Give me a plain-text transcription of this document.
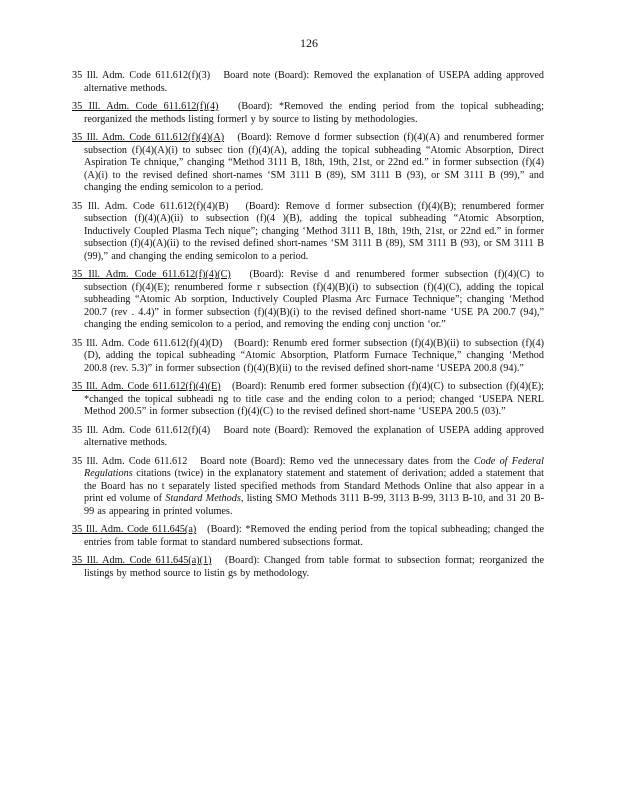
126
35 Ill. Adm. Code 611.612(f)(3) Board note (Board): Removed the explanation of USEPA adding approved alternative methods.
35 Ill. Adm. Code 611.612(f)(4) (Board): *Removed the ending period from the topical subheading; reorganized the methods listing formerl y by source to listing by methodologies.
35 Ill. Adm. Code 611.612(f)(4)(A) (Board): Remove d former subsection (f)(4)(A) and renumbered former subsection (f)(4)(A)(i) to subsec tion (f)(4)(A), adding the topical subheading “Atomic Absorption, Direct Aspiration Te chnique,” changing “Method 3111 B, 18th, 19th, 21st, or 22nd ed.” in former subsection (f)(4)(A)(i) to the revised defined short-names ‘SM 3111 B (89), SM 3111 B (93), or SM 3111 B (99),” and changing the ending semicolon to a period.
35 Ill. Adm. Code 611.612(f)(4)(B) (Board): Remove d former subsection (f)(4)(B); renumbered former subsection (f)(4)(A)(ii) to subsection (f)(4 )(B), adding the topical subheading “Atomic Absorption, Inductively Coupled Plasma Tech nique”; changing ‘Method 3111 B, 18th, 19th, 21st, or 22nd ed.” in former subsection (f)(4)(A)(ii) to the revised defined short-names ‘SM 3111 B (89), SM 3111 B (93), or SM 3111 B (99),” and changing the ending semicolon to a period.
35 Ill. Adm. Code 611.612(f)(4)(C) (Board): Revise d and renumbered former subsection (f)(4)(C) to subsection (f)(4)(E); renumbered forme r subsection (f)(4)(B)(i) to subsection (f)(4)(C), adding the topical subheading “Atomic Ab sorption, Inductively Coupled Plasma Arc Furnace Technique”; changing ‘Method 200.7 (rev . 4.4)” in former subsection (f)(4)(B)(i) to the revised defined short-name ‘USE PA 200.7 (94),” changing the ending semicolon to a period, and removing the ending conj unction ‘or.”
35 Ill. Adm. Code 611.612(f)(4)(D) (Board): Renumb ered former subsection (f)(4)(B)(ii) to subsection (f)(4)(D), adding the topical subheading “Atomic Absorption, Platform Furnace Technique,” changing ‘Method 200.8 (rev. 5.3)” in former subsection (f)(4)(B)(ii) to the revised defined short-name ‘USEPA 200.8 (94).”
35 Ill. Adm. Code 611.612(f)(4)(E) (Board): Renumb ered former subsection (f)(4)(C) to subsection (f)(4)(E); *changed the topical subheadi ng to title case and the ending colon to a period; changed ‘USEPA NERL Method 200.5” in former subsection (f)(4)(C) to the revised defined short-name ‘USEPA 200.5 (03).”
35 Ill. Adm. Code 611.612(f)(4) Board note (Board): Removed the explanation of USEPA adding approved alternative methods.
35 Ill. Adm. Code 611.612 Board note (Board): Remo ved the unnecessary dates from the Code of Federal Regulations citations (twice) in the explanatory statement and statement of derivation; added a statement that the Board has no t separately listed specified methods from Standard Methods Online that also appear in a print ed volume of Standard Methods, listing SMO Methods 3111 B-99, 3113 B-99, 3113 B-10, and 31 20 B-99 as appearing in printed volumes.
35 Ill. Adm. Code 611.645(a) (Board): *Removed the ending period from the topical subheading; changed the entries from table format to standard numbered subsections format.
35 Ill. Adm. Code 611.645(a)(1) (Board): Changed from table format to subsection format; reorganized the listings by method source to listin gs by methodology.
